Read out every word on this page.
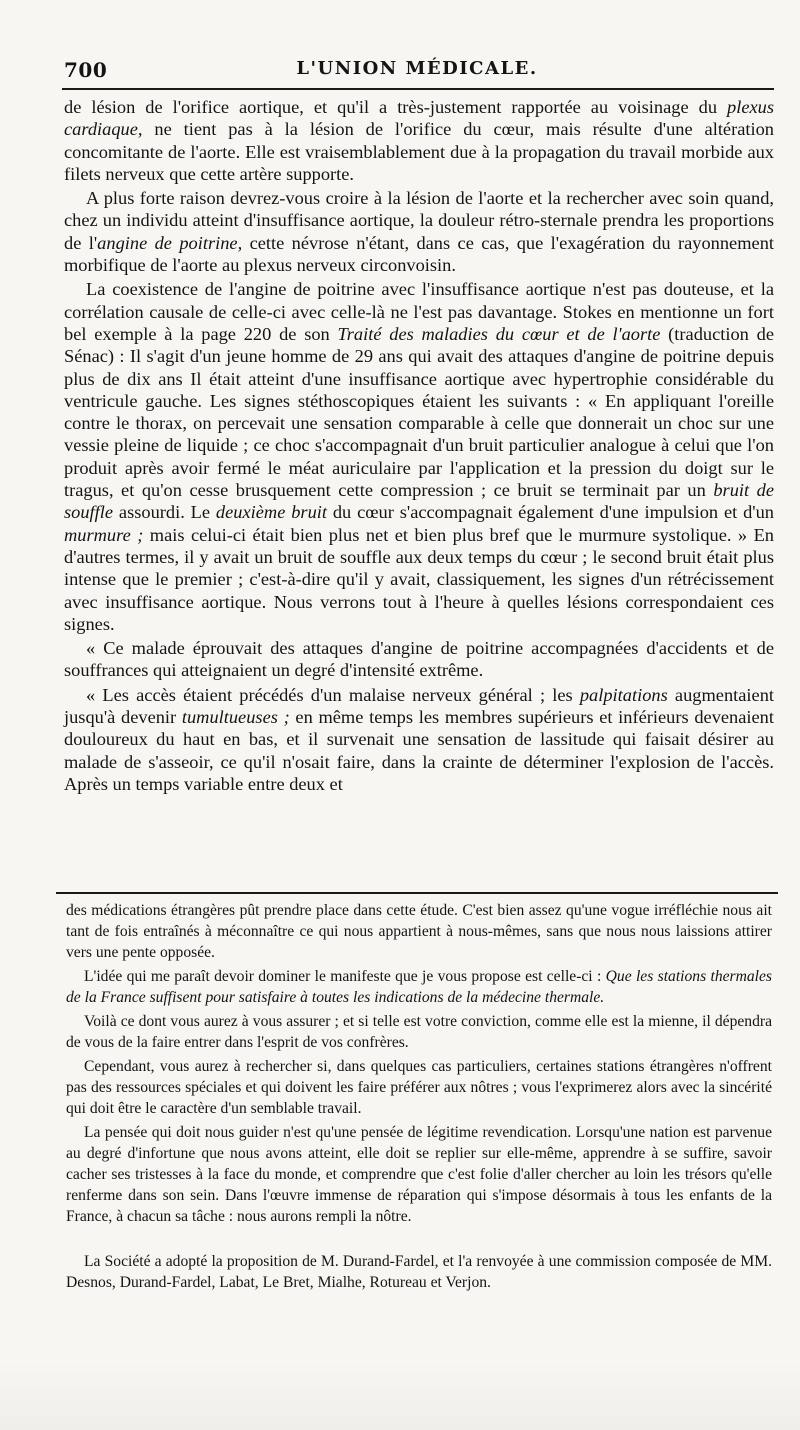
700	L'UNION MÉDICALE.

de lésion de l'orifice aortique, et qu'il a très-justement rapportée au voisinage du plexus cardiaque, ne tient pas à la lésion de l'orifice du cœur, mais résulte d'une altération concomitante de l'aorte. Elle est vraisemblablement due à la propagation du travail morbide aux filets nerveux que cette artère supporte.

A plus forte raison devrez-vous croire à la lésion de l'aorte et la rechercher avec soin quand, chez un individu atteint d'insuffisance aortique, la douleur rétro-sternale prendra les proportions de l'angine de poitrine, cette névrose n'étant, dans ce cas, que l'exagération du rayonnement morbifique de l'aorte au plexus nerveux circonvoisin.

La coexistence de l'angine de poitrine avec l'insuffisance aortique n'est pas douteuse, et la corrélation causale de celle-ci avec celle-là ne l'est pas davantage. Stokes en mentionne un fort bel exemple à la page 220 de son Traité des maladies du cœur et de l'aorte (traduction de Sénac) : Il s'agit d'un jeune homme de 29 ans qui avait des attaques d'angine de poitrine depuis plus de dix ans Il était atteint d'une insuffisance aortique avec hypertrophie considérable du ventricule gauche. Les signes stéthoscopiques étaient les suivants : « En appliquant l'oreille contre le thorax, on percevait une sensation comparable à celle que donnerait un choc sur une vessie pleine de liquide ; ce choc s'accompagnait d'un bruit particulier analogue à celui que l'on produit après avoir fermé le méat auriculaire par l'application et la pression du doigt sur le tragus, et qu'on cesse brusquement cette compression ; ce bruit se terminait par un bruit de souffle assourdi. Le deuxième bruit du cœur s'accompagnait également d'une impulsion et d'un murmure ; mais celui-ci était bien plus net et bien plus bref que le murmure systolique. » En d'autres termes, il y avait un bruit de souffle aux deux temps du cœur ; le second bruit était plus intense que le premier ; c'est-à-dire qu'il y avait, classiquement, les signes d'un rétrécissement avec insuffisance aortique. Nous verrons tout à l'heure à quelles lésions correspondaient ces signes.

« Ce malade éprouvait des attaques d'angine de poitrine accompagnées d'accidents et de souffrances qui atteignaient un degré d'intensité extrême.

« Les accès étaient précédés d'un malaise nerveux général ; les palpitations augmentaient jusqu'à devenir tumultueuses ; en même temps les membres supérieurs et inférieurs devenaient douloureux du haut en bas, et il survenait une sensation de lassitude qui faisait désirer au malade de s'asseoir, ce qu'il n'osait faire, dans la crainte de déterminer l'explosion de l'accès. Après un temps variable entre deux et

des médications étrangères pût prendre place dans cette étude. C'est bien assez qu'une vogue irréfléchie nous ait tant de fois entraînés à méconnaître ce qui nous appartient à nous-mêmes, sans que nous nous laissions attirer vers une pente opposée.

L'idée qui me paraît devoir dominer le manifeste que je vous propose est celle-ci : Que les stations thermales de la France suffisent pour satisfaire à toutes les indications de la médecine thermale.

Voilà ce dont vous aurez à vous assurer ; et si telle est votre conviction, comme elle est la mienne, il dépendra de vous de la faire entrer dans l'esprit de vos confrères.

Cependant, vous aurez à rechercher si, dans quelques cas particuliers, certaines stations étrangères n'offrent pas des ressources spéciales et qui doivent les faire préférer aux nôtres ; vous l'exprimerez alors avec la sincérité qui doit être le caractère d'un semblable travail.

La pensée qui doit nous guider n'est qu'une pensée de légitime revendication. Lorsqu'une nation est parvenue au degré d'infortune que nous avons atteint, elle doit se replier sur elle-même, apprendre à se suffire, savoir cacher ses tristesses à la face du monde, et comprendre que c'est folie d'aller chercher au loin les trésors qu'elle renferme dans son sein. Dans l'œuvre immense de réparation qui s'impose désormais à tous les enfants de la France, à chacun sa tâche : nous aurons rempli la nôtre.

La Société a adopté la proposition de M. Durand-Fardel, et l'a renvoyée à une commission composée de MM. Desnos, Durand-Fardel, Labat, Le Bret, Mialhe, Rotureau et Verjon.
